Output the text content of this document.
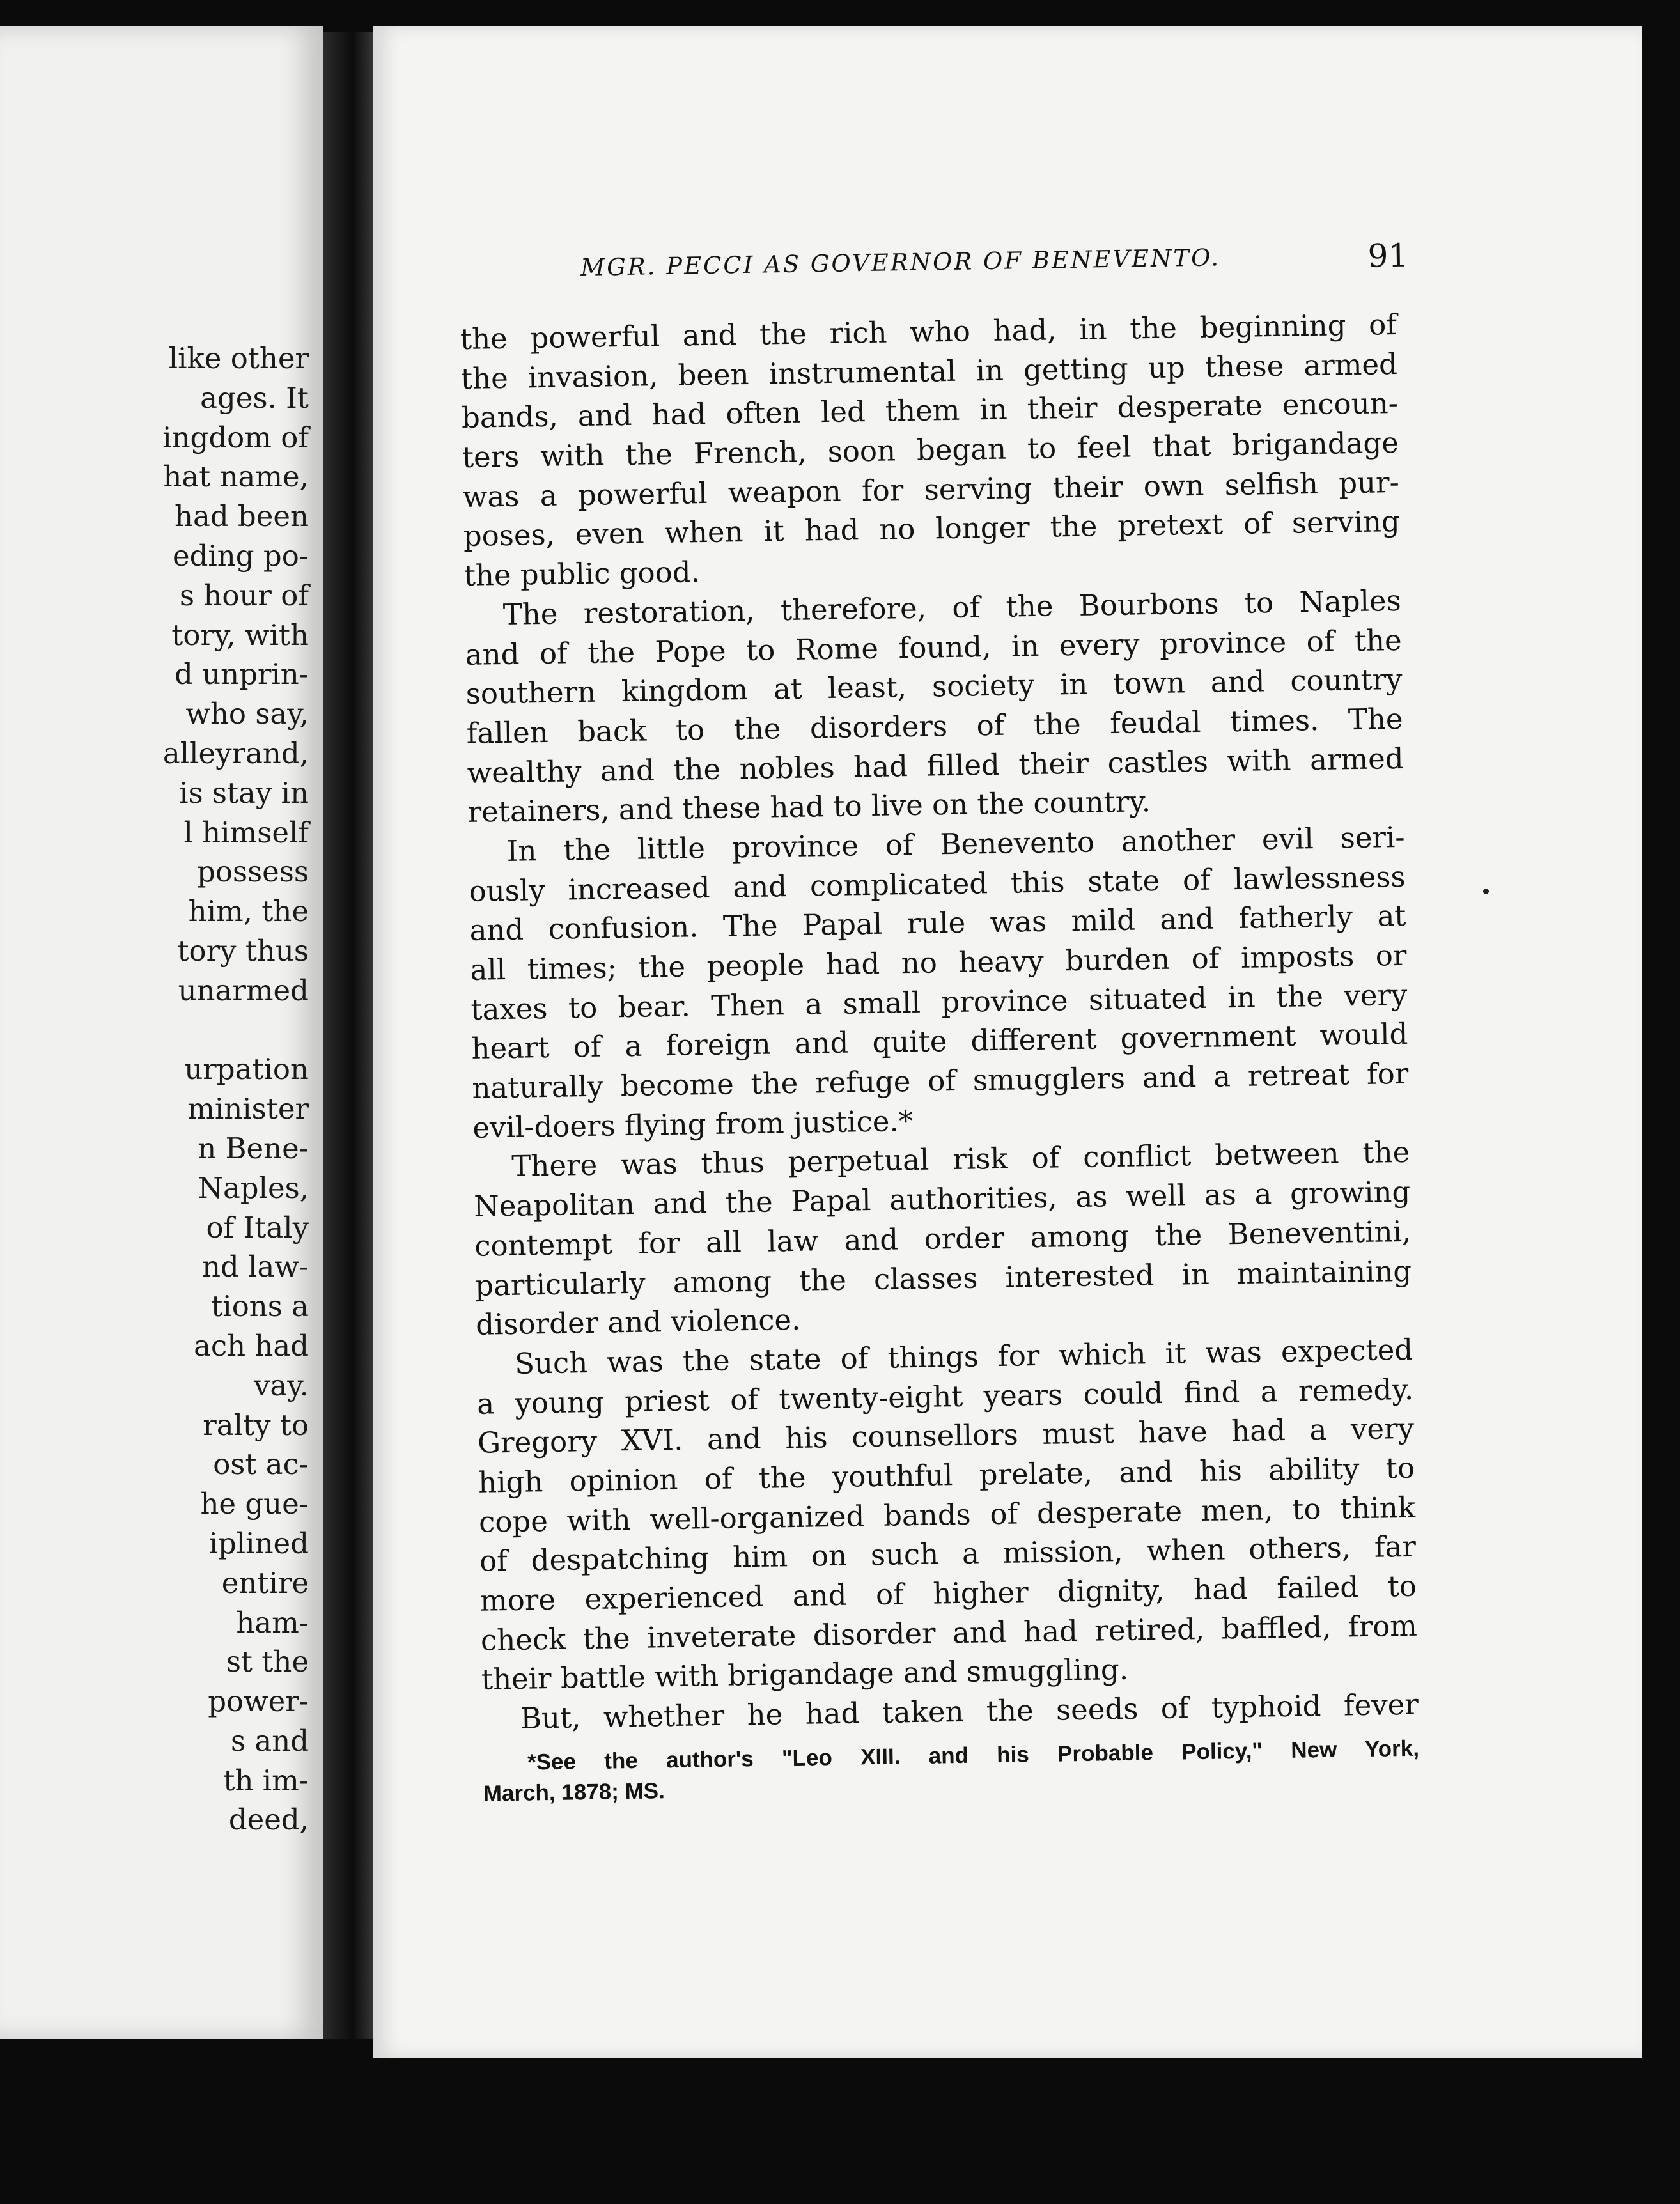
like other
ages. It
ingdom of
hat name,
had been
eding po-
s hour of
tory, with
d unprin-
who say,
alleyrand,
is stay in
l himself
possess
him, the
tory thus
unarmed
urpation
minister
n Bene-
Naples,
of Italy
nd law-
tions a
ach had
vay.
ralty to
ost ac-
he gue-
iplined
entire
ham-
st the
power-
s and
th im-
deed,
MGR. PECCI AS GOVERNOR OF BENEVENTO.	91
the powerful and the rich who had, in the beginning of
the invasion, been instrumental in getting up these armed
bands, and had often led them in their desperate encoun-
ters with the French, soon began to feel that brigandage
was a powerful weapon for serving their own selfish pur-
poses, even when it had no longer the pretext of serving
the public good.
The restoration, therefore, of the Bourbons to Naples
and of the Pope to Rome found, in every province of the
southern kingdom at least, society in town and country
fallen back to the disorders of the feudal times. The
wealthy and the nobles had filled their castles with armed
retainers, and these had to live on the country.
In the little province of Benevento another evil seri-
ously increased and complicated this state of lawlessness
and confusion. The Papal rule was mild and fatherly at
all times; the people had no heavy burden of imposts or
taxes to bear. Then a small province situated in the very
heart of a foreign and quite different government would
naturally become the refuge of smugglers and a retreat for
evil-doers flying from justice.*
There was thus perpetual risk of conflict between the
Neapolitan and the Papal authorities, as well as a growing
contempt for all law and order among the Beneventini,
particularly among the classes interested in maintaining
disorder and violence.
Such was the state of things for which it was expected
a young priest of twenty-eight years could find a remedy.
Gregory XVI. and his counsellors must have had a very
high opinion of the youthful prelate, and his ability to
cope with well-organized bands of desperate men, to think
of despatching him on such a mission, when others, far
more experienced and of higher dignity, had failed to
check the inveterate disorder and had retired, baffled, from
their battle with brigandage and smuggling.
But, whether he had taken the seeds of typhoid fever
*See the author's "Leo XIII. and his Probable Policy," New York,
March, 1878; MS.
